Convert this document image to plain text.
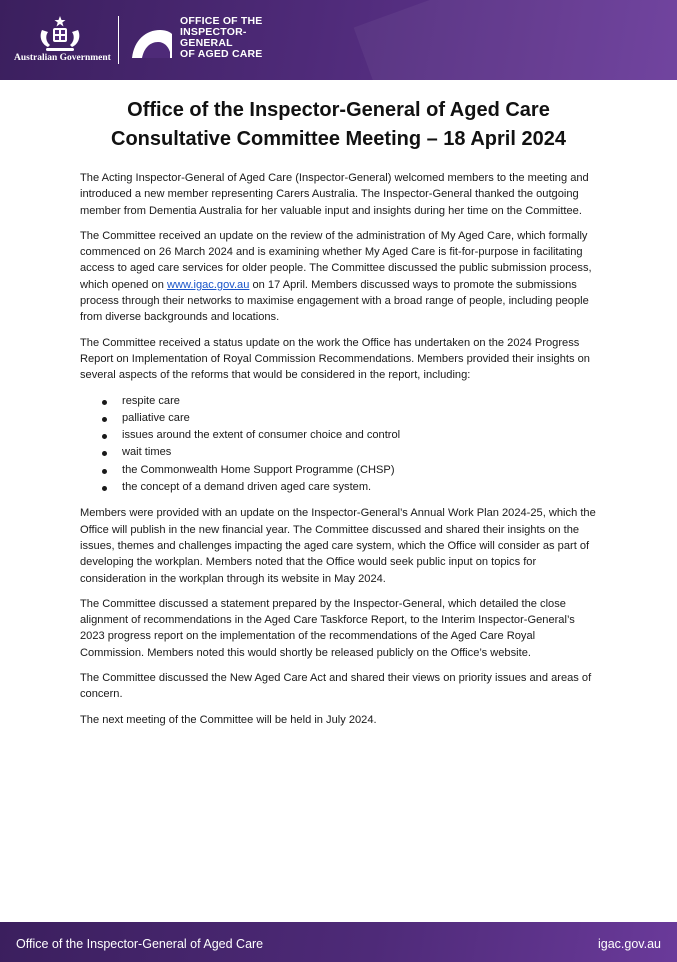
Australian Government
OFFICE OF THE
INSPECTOR-
GENERAL
OF AGED CARE
Office of the Inspector-General of Aged Care
Consultative Committee Meeting – 18 April 2024

The Acting Inspector-General of Aged Care (Inspector-General) welcomed members to the meeting and introduced a new member representing Carers Australia. The Inspector-General thanked the outgoing member from Dementia Australia for her valuable input and insights during her time on the Committee.

The Committee received an update on the review of the administration of My Aged Care, which formally commenced on 26 March 2024 and is examining whether My Aged Care is fit-for-purpose in facilitating access to aged care services for older people. The Committee discussed the public submission process, which opened on www.igac.gov.au on 17 April. Members discussed ways to promote the submissions process through their networks to maximise engagement with a broad range of people, including people from diverse backgrounds and locations.

The Committee received a status update on the work the Office has undertaken on the 2024 Progress Report on Implementation of Royal Commission Recommendations. Members provided their insights on several aspects of the reforms that would be considered in the report, including:

respite care
palliative care
issues around the extent of consumer choice and control
wait times
the Commonwealth Home Support Programme (CHSP)
the concept of a demand driven aged care system.

Members were provided with an update on the Inspector-General’s Annual Work Plan 2024-25, which the Office will publish in the new financial year. The Committee discussed and shared their insights on the issues, themes and challenges impacting the aged care system, which the Office will consider as part of developing the workplan. Members noted that the Office would seek public input on topics for consideration in the workplan through its website in May 2024.

The Committee discussed a statement prepared by the Inspector-General, which detailed the close alignment of recommendations in the Aged Care Taskforce Report, to the Interim Inspector-General’s 2023 progress report on the implementation of the recommendations of the Aged Care Royal Commission. Members noted this would shortly be released publicly on the Office’s website.

The Committee discussed the New Aged Care Act and shared their views on priority issues and areas of concern.

The next meeting of the Committee will be held in July 2024.

Office of the Inspector-General of Aged Care	igac.gov.au
